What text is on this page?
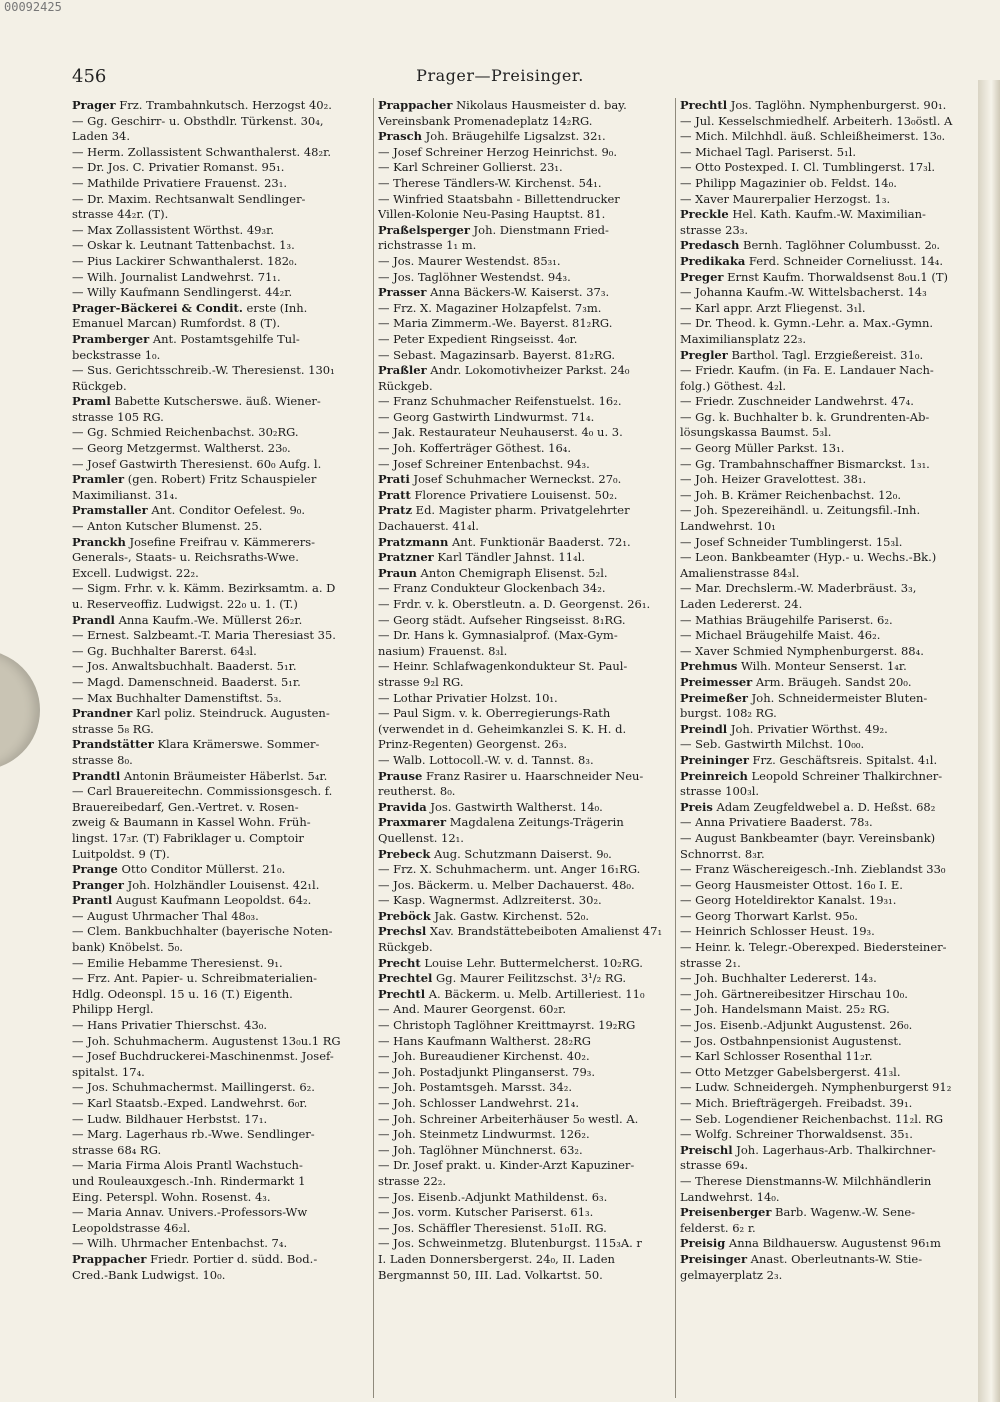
00092425
456	Prager—Preisinger.
Prager Frz. Trambahnkutsch. Herzogst 40₂.
— Gg. Geschirr- u. Obsthdlr. Türkenst. 30₄,
Laden 34.
— Herm. Zollassistent Schwanthalerst. 48₂r.
— Dr. Jos. C. Privatier Romanst. 95₁.
— Mathilde Privatiere Frauenst. 23₁.
— Dr. Maxim. Rechtsanwalt Sendlinger-
strasse 44₂r. (T).
— Max Zollassistent Wörthst. 49₃r.
— Oskar k. Leutnant Tattenbachst. 1₃.
— Pius Lackirer Schwanthalerst. 182₀.
— Wilh. Journalist Landwehrst. 71₁.
— Willy Kaufmann Sendlingerst. 44₂r.
Prager-Bäckerei & Condit. erste (Inh.
Emanuel Marcan) Rumfordst. 8 (T).
Pramberger Ant. Postamtsgehilfe Tul-
beckstrasse 1₀.
— Sus. Gerichtsschreib.-W. Theresienst. 130₁
Rückgeb.
Praml Babette Kutscherswe. äuß. Wiener-
strasse 105 RG.
— Gg. Schmied Reichenbachst. 30₂RG.
— Georg Metzgermst. Waltherst. 23₀.
— Josef Gastwirth Theresienst. 60₀ Aufg. l.
Pramler (gen. Robert) Fritz Schauspieler
Maximilianst. 31₄.
Pramstaller Ant. Conditor Oefelest. 9₀.
— Anton Kutscher Blumenst. 25.
Pranckh Josefine Freifrau v. Kämmerers-
Generals-, Staats- u. Reichsraths-Wwe.
Excell. Ludwigst. 22₂.
— Sigm. Frhr. v. k. Kämm. Bezirksamtm. a. D
u. Reserveoffiz. Ludwigst. 22₀ u. 1. (T.)
Prandl Anna Kaufm.-We. Müllerst 26₂r.
— Ernest. Salzbeamt.-T. Maria Theresiast 35.
— Gg. Buchhalter Barerst. 64₃l.
— Jos. Anwaltsbuchhalt. Baaderst. 5₁r.
— Magd. Damenschneid. Baaderst. 5₁r.
— Max Buchhalter Damenstiftst. 5₃.
Prandner Karl poliz. Steindruck. Augusten-
strasse 5₈ RG.
Prandstätter Klara Krämerswe. Sommer-
strasse 8₀.
Prandtl Antonin Bräumeister Häberlst. 5₄r.
— Carl Brauereitechn. Commissionsgesch. f.
Brauereibedarf, Gen.-Vertret. v. Rosen-
zweig & Baumann in Kassel Wohn. Früh-
lingst. 17₃r. (T) Fabriklager u. Comptoir
Luitpoldst. 9 (T).
Prange Otto Conditor Müllerst. 21₀.
Pranger Joh. Holzhändler Louisenst. 42₁l.
Prantl August Kaufmann Leopoldst. 64₂.
— August Uhrmacher Thal 48₀₃.
— Clem. Bankbuchhalter (bayerische Noten-
bank) Knöbelst. 5₀.
— Emilie Hebamme Theresienst. 9₁.
— Frz. Ant. Papier- u. Schreibmaterialien-
Hdlg. Odeonspl. 15 u. 16 (T.) Eigenth.
Philipp Hergl.
— Hans Privatier Thierschst. 43₀.
— Joh. Schuhmacherm. Augustenst 13₀u.1 RG
— Josef Buchdruckerei-Maschinenmst. Josef-
spitalst. 17₄.
— Jos. Schuhmachermst. Maillingerst. 6₂.
— Karl Staatsb.-Exped. Landwehrst. 6₀r.
— Ludw. Bildhauer Herbstst. 17₁.
— Marg. Lagerhaus rb.-Wwe. Sendlinger-
strasse 68₄ RG.
— Maria Firma Alois Prantl Wachstuch-
und Rouleauxgesch.-Inh. Rindermarkt 1
Eing. Peterspl. Wohn. Rosenst. 4₃.
— Maria Annav. Univers.-Professors-Ww
Leopoldstrasse 46₂l.
— Wilh. Uhrmacher Entenbachst. 7₄.
Prappacher Friedr. Portier d. südd. Bod.-
Cred.-Bank Ludwigst. 10₀.
Prappacher Nikolaus Hausmeister d. bay.
Vereinsbank Promenadeplatz 14₂RG.
Prasch Joh. Bräugehilfe Ligsalzst. 32₁.
— Josef Schreiner Herzog Heinrichst. 9₀.
— Karl Schreiner Gollierst. 23₁.
— Therese Tändlers-W. Kirchenst. 54₁.
— Winfried Staatsbahn - Billettendrucker
Villen-Kolonie Neu-Pasing Hauptst. 81.
Praßelsperger Joh. Dienstmann Fried-
richstrasse 1₁ m.
— Jos. Maurer Westendst. 85₃₁.
— Jos. Taglöhner Westendst. 94₃.
Prasser Anna Bäckers-W. Kaiserst. 37₃.
— Frz. X. Magaziner Holzapfelst. 7₃m.
— Maria Zimmerm.-We. Bayerst. 81₂RG.
— Peter Expedient Ringseisst. 4₀r.
— Sebast. Magazinsarb. Bayerst. 81₂RG.
Praßler Andr. Lokomotivheizer Parkst. 24₀
Rückgeb.
— Franz Schuhmacher Reifenstuelst. 16₂.
— Georg Gastwirth Lindwurmst. 71₄.
— Jak. Restaurateur Neuhauserst. 4₀ u. 3.
— Joh. Kofferträger Göthest. 16₄.
— Josef Schreiner Entenbachst. 94₃.
Prati Josef Schuhmacher Werneckst. 27₀.
Pratt Florence Privatiere Louisenst. 50₂.
Pratz Ed. Magister pharm. Privatgelehrter
Dachauerst. 41₄l.
Pratzmann Ant. Funktionär Baaderst. 72₁.
Pratzner Karl Tändler Jahnst. 11₄l.
Praun Anton Chemigraph Elisenst. 5₂l.
— Franz Condukteur Glockenbach 34₂.
— Frdr. v. k. Oberstleutn. a. D. Georgenst. 26₁.
— Georg städt. Aufseher Ringseisst. 8₁RG.
— Dr. Hans k. Gymnasialprof. (Max-Gym-
nasium) Frauenst. 8₃l.
— Heinr. Schlafwagenkondukteur St. Paul-
strasse 9₂l RG.
— Lothar Privatier Holzst. 10₁.
— Paul Sigm. v. k. Oberregierungs-Rath
(verwendet in d. Geheimkanzlei S. K. H. d.
Prinz-Regenten) Georgenst. 26₃.
— Walb. Lottocoll.-W. v. d. Tannst. 8₃.
Prause Franz Rasirer u. Haarschneider Neu-
reutherst. 8₀.
Pravida Jos. Gastwirth Waltherst. 14₀.
Praxmarer Magdalena Zeitungs-Trägerin
Quellenst. 12₁.
Prebeck Aug. Schutzmann Daiserst. 9₀.
— Frz. X. Schuhmacherm. unt. Anger 16₁RG.
— Jos. Bäckerm. u. Melber Dachauerst. 48₀.
— Kasp. Wagnermst. Adlzreiterst. 30₂.
Preböck Jak. Gastw. Kirchenst. 52₀.
Prechsl Xav. Brandstättebeiboten Amalienst 47₁
Rückgeb.
Precht Louise Lehr. Buttermelcherst. 10₂RG.
Prechtel Gg. Maurer Feilitzschst. 3¹/₂ RG.
Prechtl A. Bäckerm. u. Melb. Artilleriest. 11₀
— And. Maurer Georgenst. 60₂r.
— Christoph Taglöhner Kreittmayrst. 19₂RG
— Hans Kaufmann Waltherst. 28₂RG
— Joh. Bureaudiener Kirchenst. 40₂.
— Joh. Postadjunkt Plinganserst. 79₃.
— Joh. Postamtsgeh. Marsst. 34₂.
— Joh. Schlosser Landwehrst. 21₄.
— Joh. Schreiner Arbeiterhäuser 5₀ westl. A.
— Joh. Steinmetz Lindwurmst. 126₂.
— Joh. Taglöhner Münchnerst. 63₂.
— Dr. Josef prakt. u. Kinder-Arzt Kapuziner-
strasse 22₂.
— Jos. Eisenb.-Adjunkt Mathildenst. 6₃.
— Jos. vorm. Kutscher Pariserst. 61₃.
— Jos. Schäffler Theresienst. 51₀II. RG.
— Jos. Schweinmetzg. Blutenburgst. 115₃A. r
I. Laden Donnersbergerst. 24₀, II. Laden
Bergmannst 50, III. Lad. Volkartst. 50.
Prechtl Jos. Taglöhn. Nymphenburgerst. 90₁.
— Jul. Kesselschmiedhelf. Arbeiterh. 13₀östl. A
— Mich. Milchhdl. äuß. Schleißheimerst. 13₀.
— Michael Tagl. Pariserst. 5₁l.
— Otto Postexped. I. Cl. Tumblingerst. 17₃l.
— Philipp Magazinier ob. Feldst. 14₀.
— Xaver Maurerpalier Herzogst. 1₃.
Preckle Hel. Kath. Kaufm.-W. Maximilian-
strasse 23₃.
Predasch Bernh. Taglöhner Columbusst. 2₀.
Predikaka Ferd. Schneider Corneliusst. 14₄.
Preger Ernst Kaufm. Thorwaldsenst 8₀u.1 (T)
— Johanna Kaufm.-W. Wittelsbacherst. 14₃
— Karl appr. Arzt Fliegenst. 3₁l.
— Dr. Theod. k. Gymn.-Lehr. a. Max.-Gymn.
Maximiliansplatz 22₃.
Pregler Barthol. Tagl. Erzgießereist. 31₀.
— Friedr. Kaufm. (in Fa. E. Landauer Nach-
folg.) Göthest. 4₂l.
— Friedr. Zuschneider Landwehrst. 47₄.
— Gg. k. Buchhalter b. k. Grundrenten-Ab-
lösungskassa Baumst. 5₃l.
— Georg Müller Parkst. 13₁.
— Gg. Trambahnschaffner Bismarckst. 1₃₁.
— Joh. Heizer Gravelottest. 38₁.
— Joh. B. Krämer Reichenbachst. 12₀.
— Joh. Spezereihändl. u. Zeitungsfil.-Inh.
Landwehrst. 10₁
— Josef Schneider Tumblingerst. 15₃l.
— Leon. Bankbeamter (Hyp.- u. Wechs.-Bk.)
Amalienstrasse 84₃l.
— Mar. Drechslerm.-W. Maderbräust. 3₃,
Laden Ledererst. 24.
— Mathias Bräugehilfe Pariserst. 6₂.
— Michael Bräugehilfe Maist. 46₂.
— Xaver Schmied Nymphenburgerst. 88₄.
Prehmus Wilh. Monteur Senserst. 1₄r.
Preimesser Arm. Bräugeh. Sandst 20₀.
Preimeßer Joh. Schneidermeister Bluten-
burgst. 108₂ RG.
Preindl Joh. Privatier Wörthst. 49₂.
— Seb. Gastwirth Milchst. 10₀₀.
Preininger Frz. Geschäftsreis. Spitalst. 4₁l.
Preinreich Leopold Schreiner Thalkirchner-
strasse 100₃l.
Preis Adam Zeugfeldwebel a. D. Heßst. 68₂
— Anna Privatiere Baaderst. 78₃.
— August Bankbeamter (bayr. Vereinsbank)
Schnorrst. 8₃r.
— Franz Wäschereigesch.-Inh. Zieblandst 33₀
— Georg Hausmeister Ottost. 16₀ I. E.
— Georg Hoteldirektor Kanalst. 19₃₁.
— Georg Thorwart Karlst. 95₀.
— Heinrich Schlosser Heust. 19₃.
— Heinr. k. Telegr.-Oberexped. Biedersteiner-
strasse 2₁.
— Joh. Buchhalter Ledererst. 14₃.
— Joh. Gärtnereibesitzer Hirschau 10₀.
— Joh. Handelsmann Maist. 25₂ RG.
— Jos. Eisenb.-Adjunkt Augustenst. 26₀.
— Jos. Ostbahnpensionist Augustenst.
— Karl Schlosser Rosenthal 11₂r.
— Otto Metzger Gabelsbergerst. 41₃l.
— Ludw. Schneidergeh. Nymphenburgerst 91₂
— Mich. Briefträgergeh. Freibadst. 39₁.
— Seb. Logendiener Reichenbachst. 11₂l. RG
— Wolfg. Schreiner Thorwaldsenst. 35₁.
Preischl Joh. Lagerhaus-Arb. Thalkirchner-
strasse 69₄.
— Therese Dienstmanns-W. Milchhändlerin
Landwehrst. 14₀.
Preisenberger Barb. Wagenw.-W. Sene-
felderst. 6₂ r.
Preisig Anna Bildhauersw. Augustenst 96₁m
Preisinger Anast. Oberleutnants-W. Stie-
gelmayerplatz 2₃.
